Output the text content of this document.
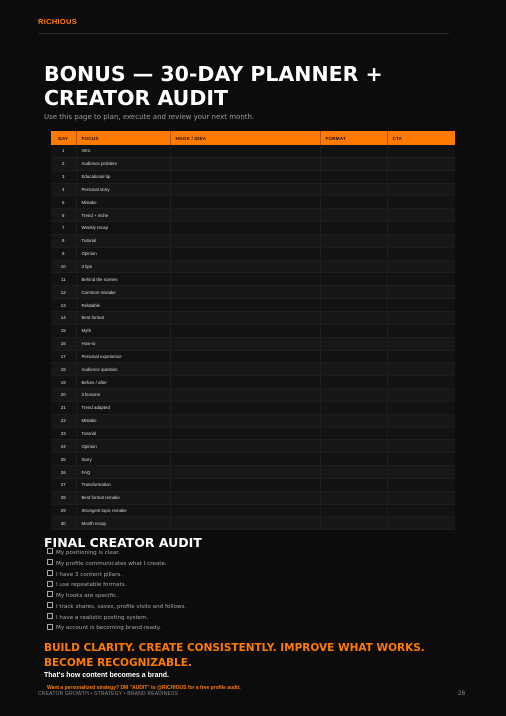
RICHIOUS
BONUS — 30-DAY PLANNER + CREATOR AUDIT
Use this page to plan, execute and review your next month.
DAY	FOCUS	HOOK / IDEA	FORMAT	CTA
1	Intro			
2	Audience problem			
3	Educational tip			
4	Personal story			
5	Mistake			
6	Trend + niche			
7	Weekly recap			
8	Tutorial			
9	Opinion			
10	3 tips			
11	Behind the scenes			
12	Common mistake			
13	Relatable			
14	Best format			
15	Myth			
16	How-to			
17	Personal experience			
18	Audience question			
19	Before / after			
20	3 lessons			
21	Trend adapted			
22	Mistake			
23	Tutorial			
24	Opinion			
25	Story			
26	FAQ			
27	Transformation			
28	Best format remake			
29	Strongest topic remake			
30	Month recap			
FINAL CREATOR AUDIT
My positioning is clear.
My profile communicates what I create.
I have 3 content pillars.
I use repeatable formats.
My hooks are specific.
I track shares, saves, profile visits and follows.
I have a realistic posting system.
My account is becoming brand-ready.
BUILD CLARITY. CREATE CONSISTENTLY. IMPROVE WHAT WORKS. BECOME RECOGNIZABLE.
That's how content becomes a brand.
Want a personalized strategy? DM "AUDIT" to @RICHIOUS for a free profile audit.
CREATOR GROWTH • STRATEGY • BRAND READINESS	26
